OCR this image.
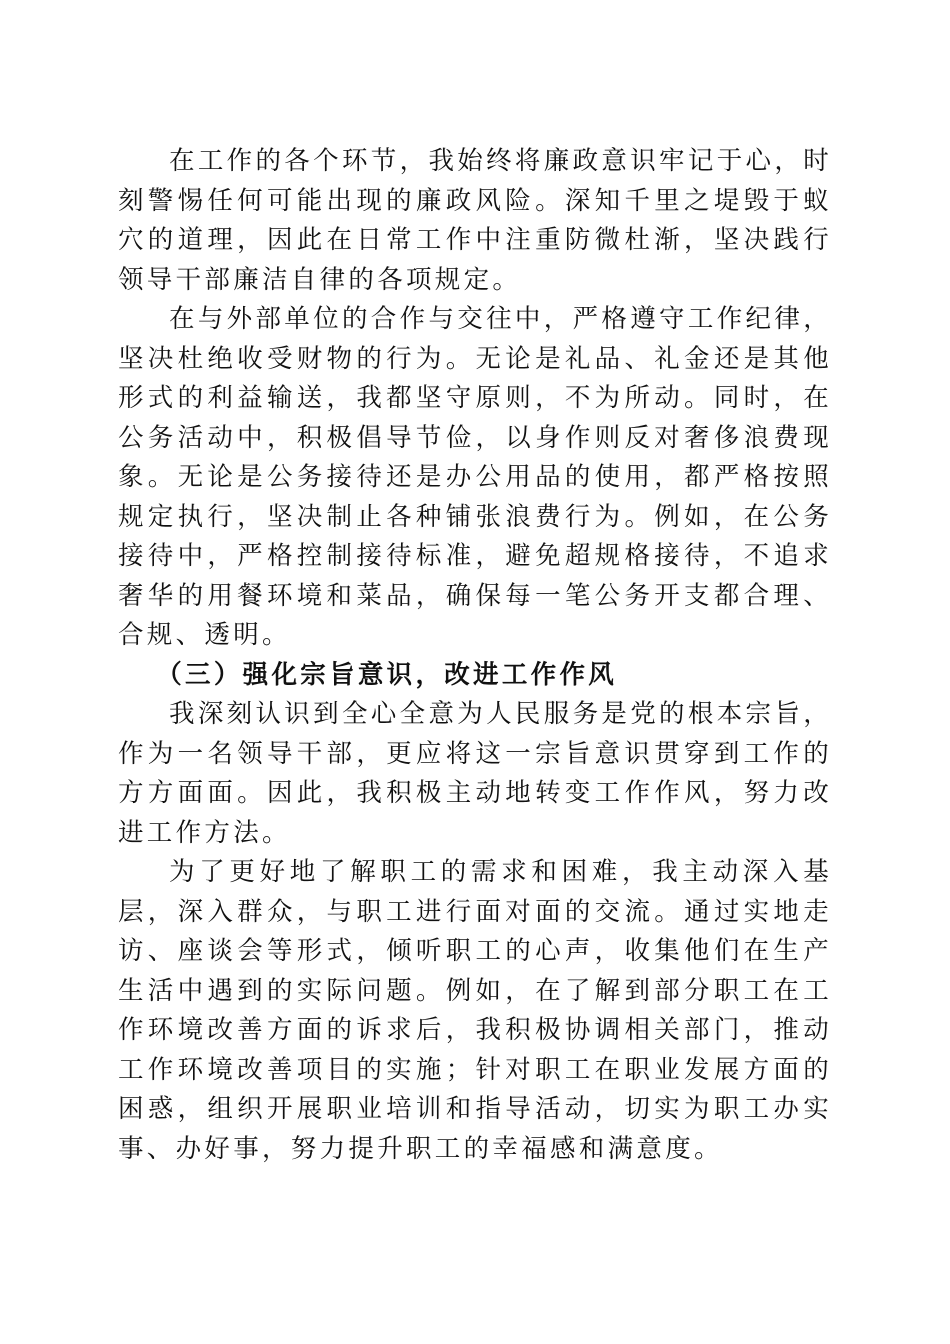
在工作的各个环节，我始终将廉政意识牢记于心，时刻警惕任何可能出现的廉政风险。深知千里之堤毁于蚁穴的道理，因此在日常工作中注重防微杜渐，坚决践行领导干部廉洁自律的各项规定。

在与外部单位的合作与交往中，严格遵守工作纪律，坚决杜绝收受财物的行为。无论是礼品、礼金还是其他形式的利益输送，我都坚守原则，不为所动。同时，在公务活动中，积极倡导节俭，以身作则反对奢侈浪费现象。无论是公务接待还是办公用品的使用，都严格按照规定执行，坚决制止各种铺张浪费行为。例如，在公务接待中，严格控制接待标准，避免超规格接待，不追求奢华的用餐环境和菜品，确保每一笔公务开支都合理、合规、透明。

（三）强化宗旨意识，改进工作作风

我深刻认识到全心全意为人民服务是党的根本宗旨，作为一名领导干部，更应将这一宗旨意识贯穿到工作的方方面面。因此，我积极主动地转变工作作风，努力改进工作方法。

为了更好地了解职工的需求和困难，我主动深入基层，深入群众，与职工进行面对面的交流。通过实地走访、座谈会等形式，倾听职工的心声，收集他们在生产生活中遇到的实际问题。例如，在了解到部分职工在工作环境改善方面的诉求后，我积极协调相关部门，推动工作环境改善项目的实施；针对职工在职业发展方面的困惑，组织开展职业培训和指导活动，切实为职工办实事、办好事，努力提升职工的幸福感和满意度。
